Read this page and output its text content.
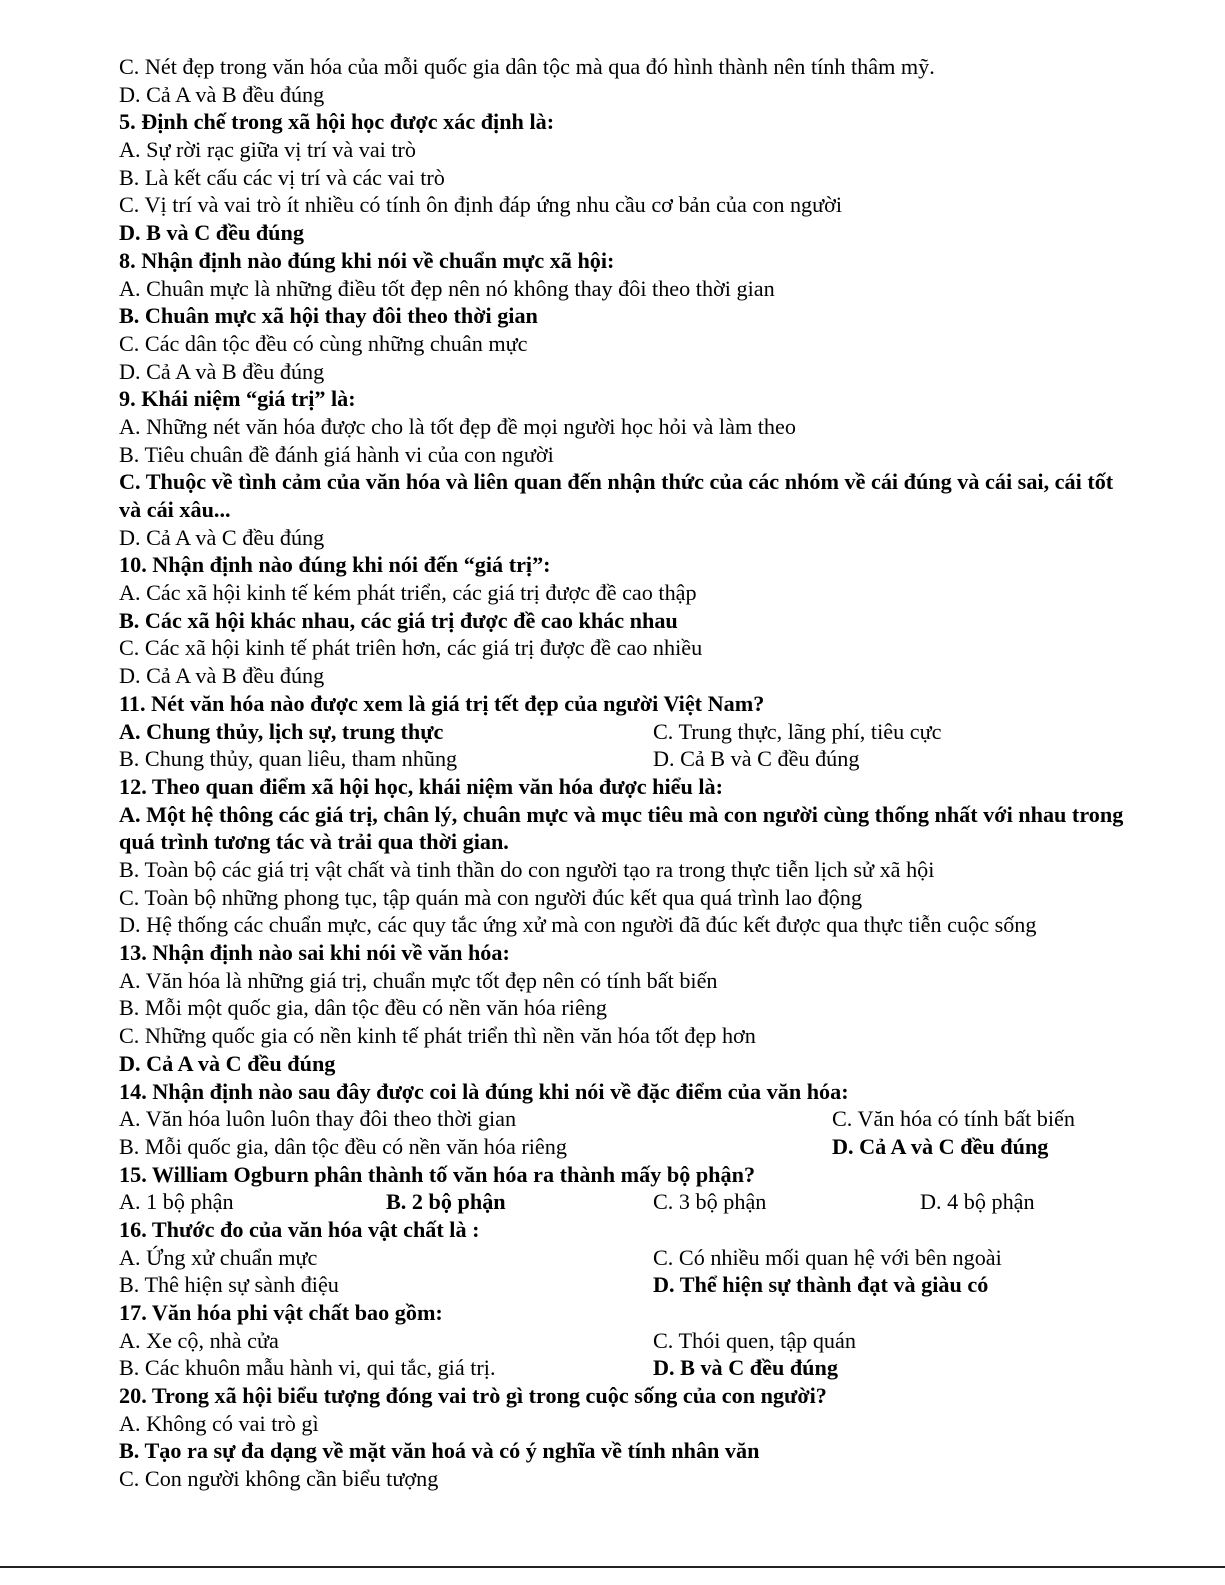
C. Nét đẹp trong văn hóa của mỗi quốc gia dân tộc mà qua đó hình thành nên tính thâm mỹ.
D. Cả A và B đều đúng
5. Định chế trong xã hội học được xác định là:
A. Sự rời rạc giữa vị trí và vai trò
B. Là kết cấu các vị trí và các vai trò
C. Vị trí và vai trò ít nhiều có tính ôn định đáp ứng nhu cầu cơ bản của con người
D. B và C đều đúng
8. Nhận định nào đúng khi nói về chuẩn mực xã hội:
A. Chuân mực là những điều tốt đẹp nên nó không thay đôi theo thời gian
B. Chuân mực xã hội thay đôi theo thời gian
C. Các dân tộc đều có cùng những chuân mực
D. Cả A và B đều đúng
9. Khái niệm “giá trị” là:
A. Những nét văn hóa được cho là tốt đẹp đề mọi người học hỏi và làm theo
B. Tiêu chuân đề đánh giá hành vi của con người
C. Thuộc về tình cảm của văn hóa và liên quan đến nhận thức của các nhóm về cái đúng và cái sai, cái tốt và cái xâu...
D. Cả A và C đều đúng
10. Nhận định nào đúng khi nói đến “giá trị”:
A. Các xã hội kinh tế kém phát triển, các giá trị được đề cao thập
B. Các xã hội khác nhau, các giá trị được đề cao khác nhau
C. Các xã hội kinh tế phát triên hơn, các giá trị được đề cao nhiều
D. Cả A và B đều đúng
11. Nét văn hóa nào được xem là giá trị tết đẹp của người Việt Nam?
A. Chung thủy, lịch sự, trung thực	C. Trung thực, lãng phí, tiêu cực
B. Chung thủy, quan liêu, tham nhũng	D. Cả B và C đều đúng
12. Theo quan điểm xã hội học, khái niệm văn hóa được hiểu là:
A. Một hệ thông các giá trị, chân lý, chuân mực và mục tiêu mà con người cùng thống nhất với nhau trong quá trình tương tác và trải qua thời gian.
B. Toàn bộ các giá trị vật chất và tinh thần do con người tạo ra trong thực tiễn lịch sử xã hội
C. Toàn bộ những phong tục, tập quán mà con người đúc kết qua quá trình lao động
D. Hệ thống các chuẩn mực, các quy tắc ứng xử mà con người đã đúc kết được qua thực tiễn cuộc sống
13. Nhận định nào sai khi nói về văn hóa:
A. Văn hóa là những giá trị, chuẩn mực tốt đẹp nên có tính bất biến
B. Mỗi một quốc gia, dân tộc đều có nền văn hóa riêng
C. Những quốc gia có nền kinh tế phát triển thì nền văn hóa tốt đẹp hơn
D. Cả A và C đều đúng
14. Nhận định nào sau đây được coi là đúng khi nói về đặc điểm của văn hóa:
A. Văn hóa luôn luôn thay đôi theo thời gian	C. Văn hóa có tính bất biến
B. Mỗi quốc gia, dân tộc đều có nền văn hóa riêng	D. Cả A và C đều đúng
15. William Ogburn phân thành tố văn hóa ra thành mấy bộ phận?
A. 1 bộ phận	B. 2 bộ phận	C. 3 bộ phận	D. 4 bộ phận
16. Thước đo của văn hóa vật chất là :
A. Ứng xử chuẩn mực	C. Có nhiều mối quan hệ với bên ngoài
B. Thê hiện sự sành điệu	D. Thể hiện sự thành đạt và giàu có
17. Văn hóa phi vật chất bao gồm:
A. Xe cộ, nhà cửa	C. Thói quen, tập quán
B. Các khuôn mẫu hành vi, qui tắc, giá trị.	D. B và C đều đúng
20. Trong xã hội biểu tượng đóng vai trò gì trong cuộc sống của con người?
A. Không có vai trò gì
B. Tạo ra sự đa dạng về mặt văn hoá và có ý nghĩa về tính nhân văn
C. Con người không cần biểu tượng
